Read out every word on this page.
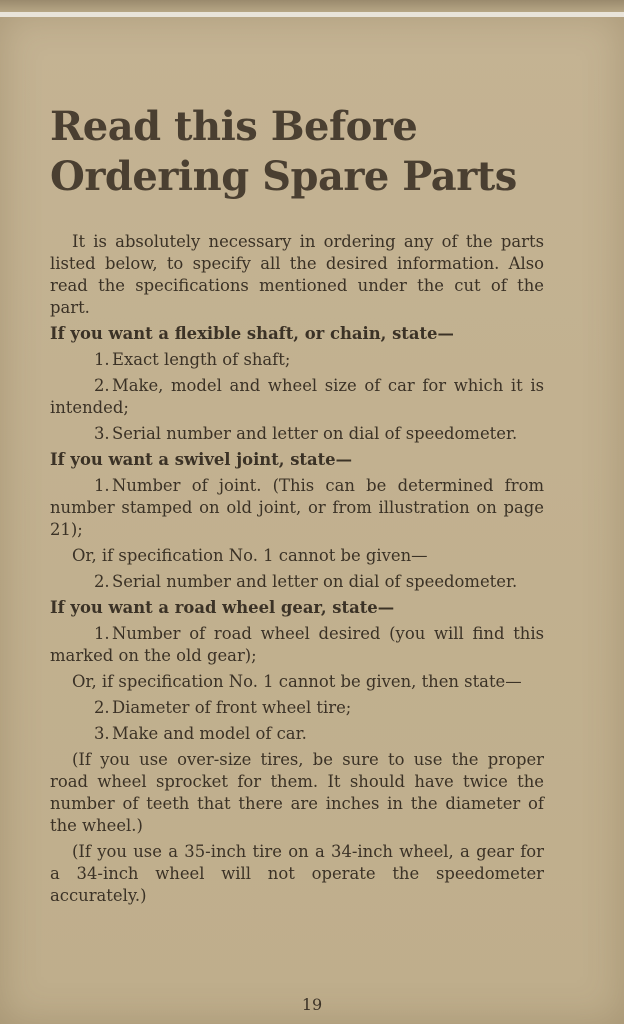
Read this Before Ordering Spare Parts

It is absolutely necessary in ordering any of the parts listed below, to specify all the desired information. Also read the specifications mentioned under the cut of the part.

If you want a flexible shaft, or chain, state—

1. Exact length of shaft;

2. Make, model and wheel size of car for which it is intended;

3. Serial number and letter on dial of speedometer.

If you want a swivel joint, state—

1. Number of joint. (This can be determined from number stamped on old joint, or from illustration on page 21);

Or, if specification No. 1 cannot be given—

2. Serial number and letter on dial of speedometer.

If you want a road wheel gear, state—

1. Number of road wheel desired (you will find this marked on the old gear);

Or, if specification No. 1 cannot be given, then state—

2. Diameter of front wheel tire;

3. Make and model of car.

(If you use over-size tires, be sure to use the proper road wheel sprocket for them. It should have twice the number of teeth that there are inches in the diameter of the wheel.)

(If you use a 35-inch tire on a 34-inch wheel, a gear for a 34-inch wheel will not operate the speedometer accurately.)

19
